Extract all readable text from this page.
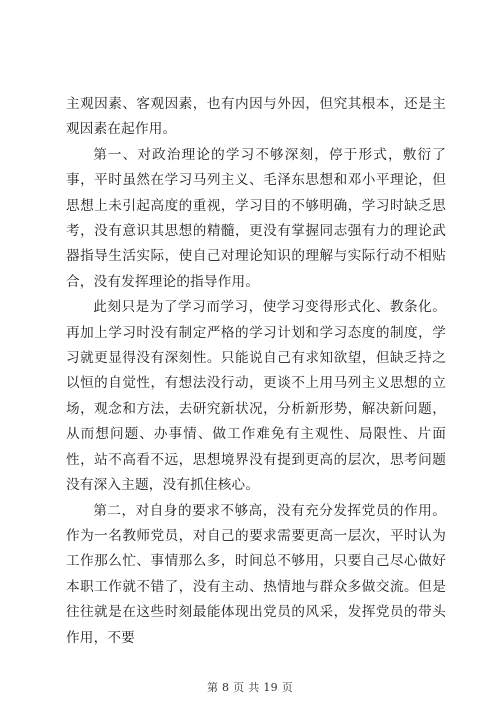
主观因素、客观因素，也有内因与外因，但究其根本，还是主观因素在起作用。

第一、对政治理论的学习不够深刻，停于形式，敷衍了事，平时虽然在学习马列主义、毛泽东思想和邓小平理论，但思想上未引起高度的重视，学习目的不够明确，学习时缺乏思考，没有意识其思想的精髓，更没有掌握同志强有力的理论武器指导生活实际，使自己对理论知识的理解与实际行动不相贴合，没有发挥理论的指导作用。

此刻只是为了学习而学习，使学习变得形式化、教条化。再加上学习时没有制定严格的学习计划和学习态度的制度，学习就更显得没有深刻性。只能说自己有求知欲望，但缺乏持之以恒的自觉性，有想法没行动，更谈不上用马列主义思想的立场，观念和方法，去研究新状况，分析新形势，解决新问题，从而想问题、办事情、做工作难免有主观性、局限性、片面性，站不高看不远，思想境界没有提到更高的层次，思考问题没有深入主题，没有抓住核心。

第二，对自身的要求不够高，没有充分发挥党员的作用。作为一名教师党员，对自己的要求需要更高一层次，平时认为工作那么忙、事情那么多，时间总不够用，只要自己尽心做好本职工作就不错了，没有主动、热情地与群众多做交流。但是往往就是在这些时刻最能体现出党员的风采，发挥党员的带头作用，不要

第 8 页 共 19 页
